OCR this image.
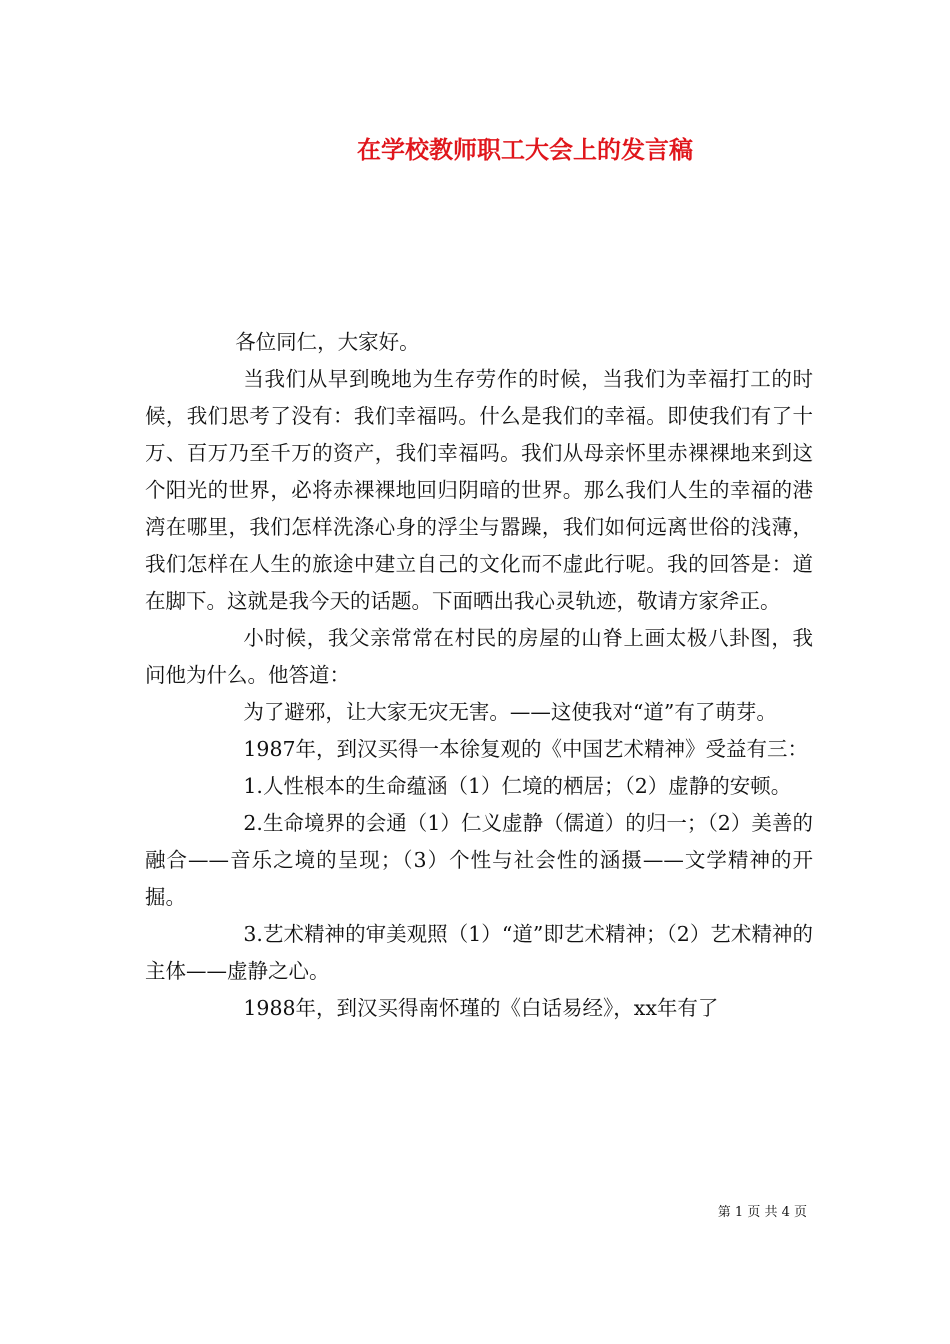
在学校教师职工大会上的发言稿

各位同仁，大家好。

当我们从早到晚地为生存劳作的时候，当我们为幸福打工的时候，我们思考了没有：我们幸福吗。什么是我们的幸福。即使我们有了十万、百万乃至千万的资产，我们幸福吗。我们从母亲怀里赤裸裸地来到这个阳光的世界，必将赤裸裸地回归阴暗的世界。那么我们人生的幸福的港湾在哪里，我们怎样洗涤心身的浮尘与嚣躁，我们如何远离世俗的浅薄，我们怎样在人生的旅途中建立自己的文化而不虚此行呢。我的回答是：道在脚下。这就是我今天的话题。下面晒出我心灵轨迹，敬请方家斧正。

小时候，我父亲常常在村民的房屋的山脊上画太极八卦图，我问他为什么。他答道：

为了避邪，让大家无灾无害。——这使我对“道”有了萌芽。

1987年，到汉买得一本徐复观的《中国艺术精神》受益有三：

1.人性根本的生命蕴涵（1）仁境的栖居；（2）虚静的安顿。

2.生命境界的会通（1）仁义虚静（儒道）的归一；（2）美善的融合——音乐之境的呈现；（3）个性与社会性的涵摄——文学精神的开掘。

3.艺术精神的审美观照（1）“道”即艺术精神；（2）艺术精神的主体——虚静之心。

1988年，到汉买得南怀瑾的《白话易经》，xx年有了

第 1 页 共 4 页
